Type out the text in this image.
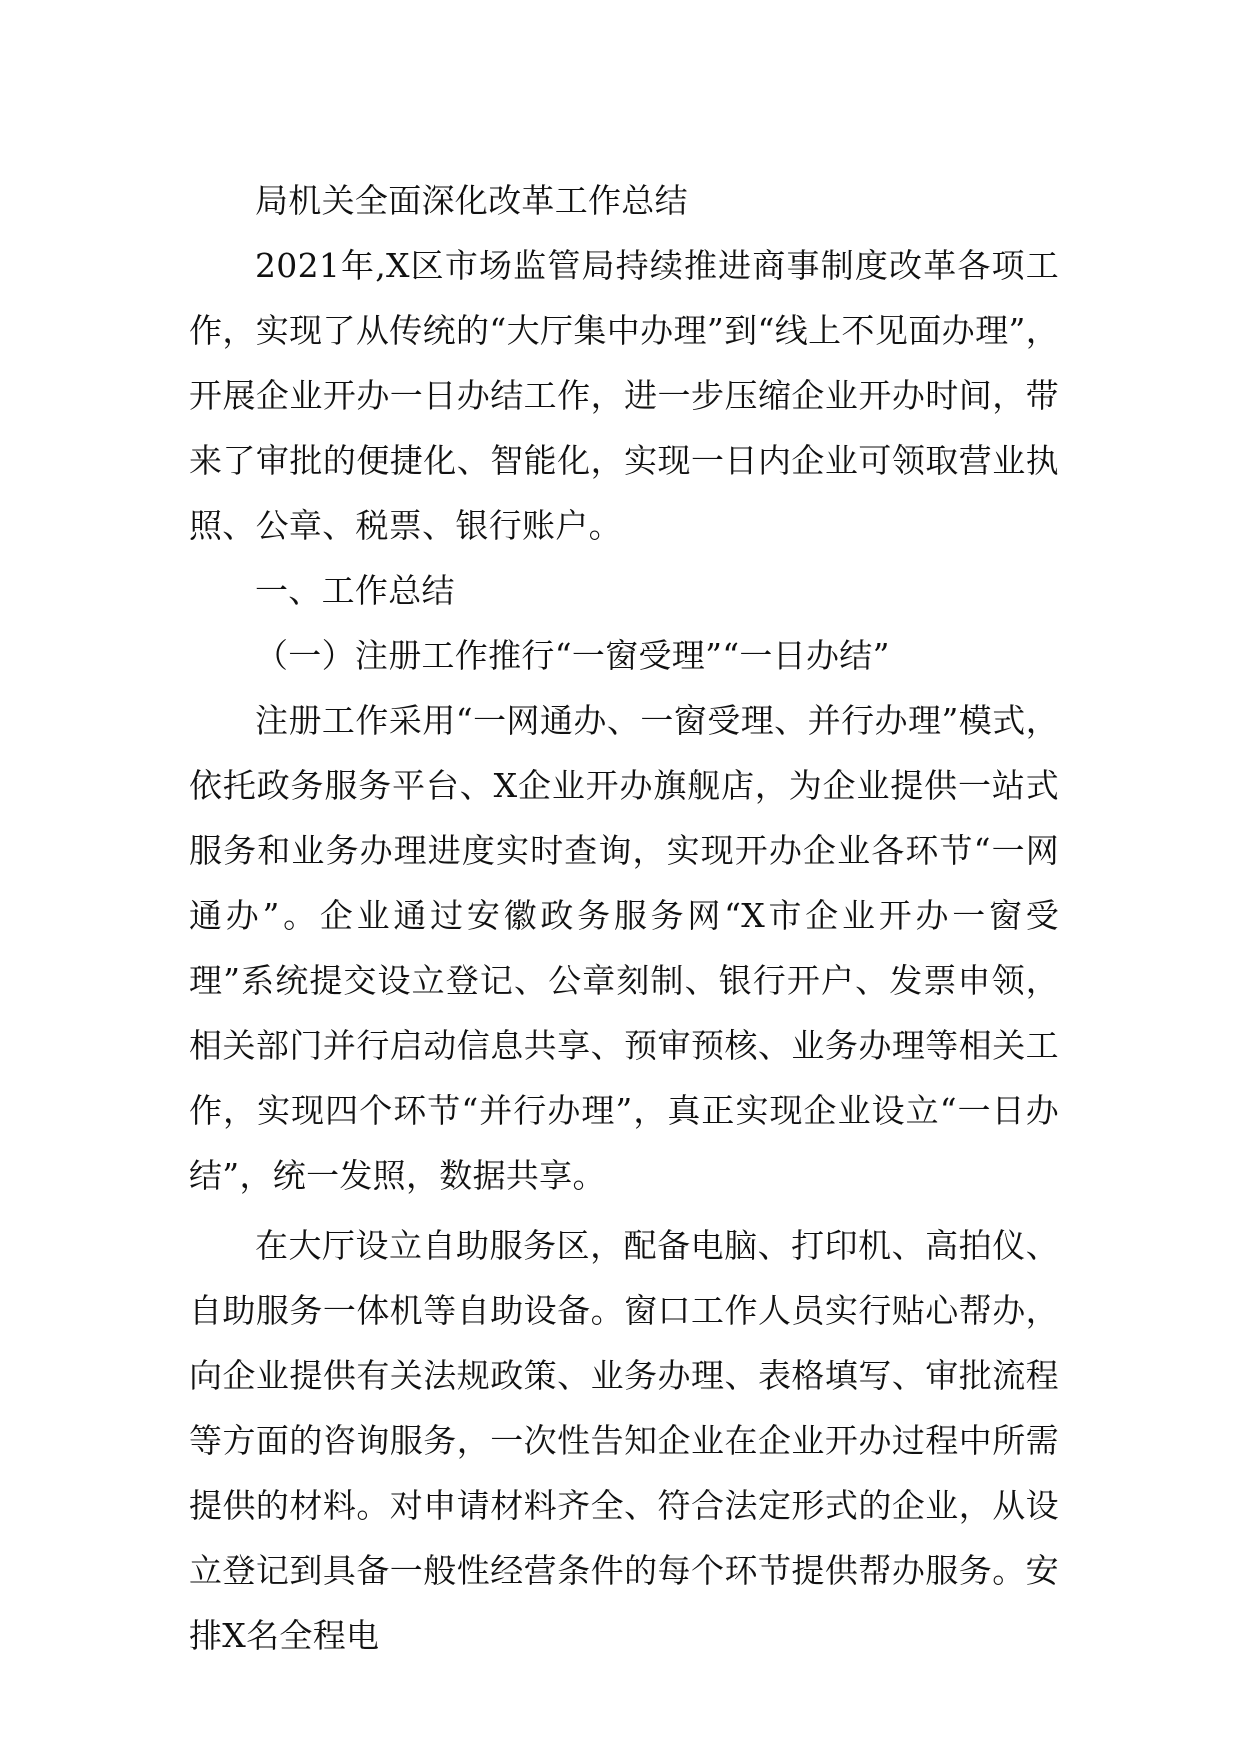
局机关全面深化改革工作总结

2021年,X区市场监管局持续推进商事制度改革各项工作，实现了从传统的“大厅集中办理”到“线上不见面办理”，开展企业开办一日办结工作，进一步压缩企业开办时间，带来了审批的便捷化、智能化，实现一日内企业可领取营业执照、公章、税票、银行账户。

一、工作总结

（一）注册工作推行“一窗受理”“一日办结”

注册工作采用“一网通办、一窗受理、并行办理”模式，依托政务服务平台、X企业开办旗舰店，为企业提供一站式服务和业务办理进度实时查询，实现开办企业各环节“一网通办”。企业通过安徽政务服务网“X市企业开办一窗受理”系统提交设立登记、公章刻制、银行开户、发票申领，相关部门并行启动信息共享、预审预核、业务办理等相关工作，实现四个环节“并行办理”，真正实现企业设立“一日办结”，统一发照，数据共享。

在大厅设立自助服务区，配备电脑、打印机、高拍仪、自助服务一体机等自助设备。窗口工作人员实行贴心帮办，向企业提供有关法规政策、业务办理、表格填写、审批流程等方面的咨询服务，一次性告知企业在企业开办过程中所需提供的材料。对申请材料齐全、符合法定形式的企业，从设立登记到具备一般性经营条件的每个环节提供帮办服务。安排X名全程电
